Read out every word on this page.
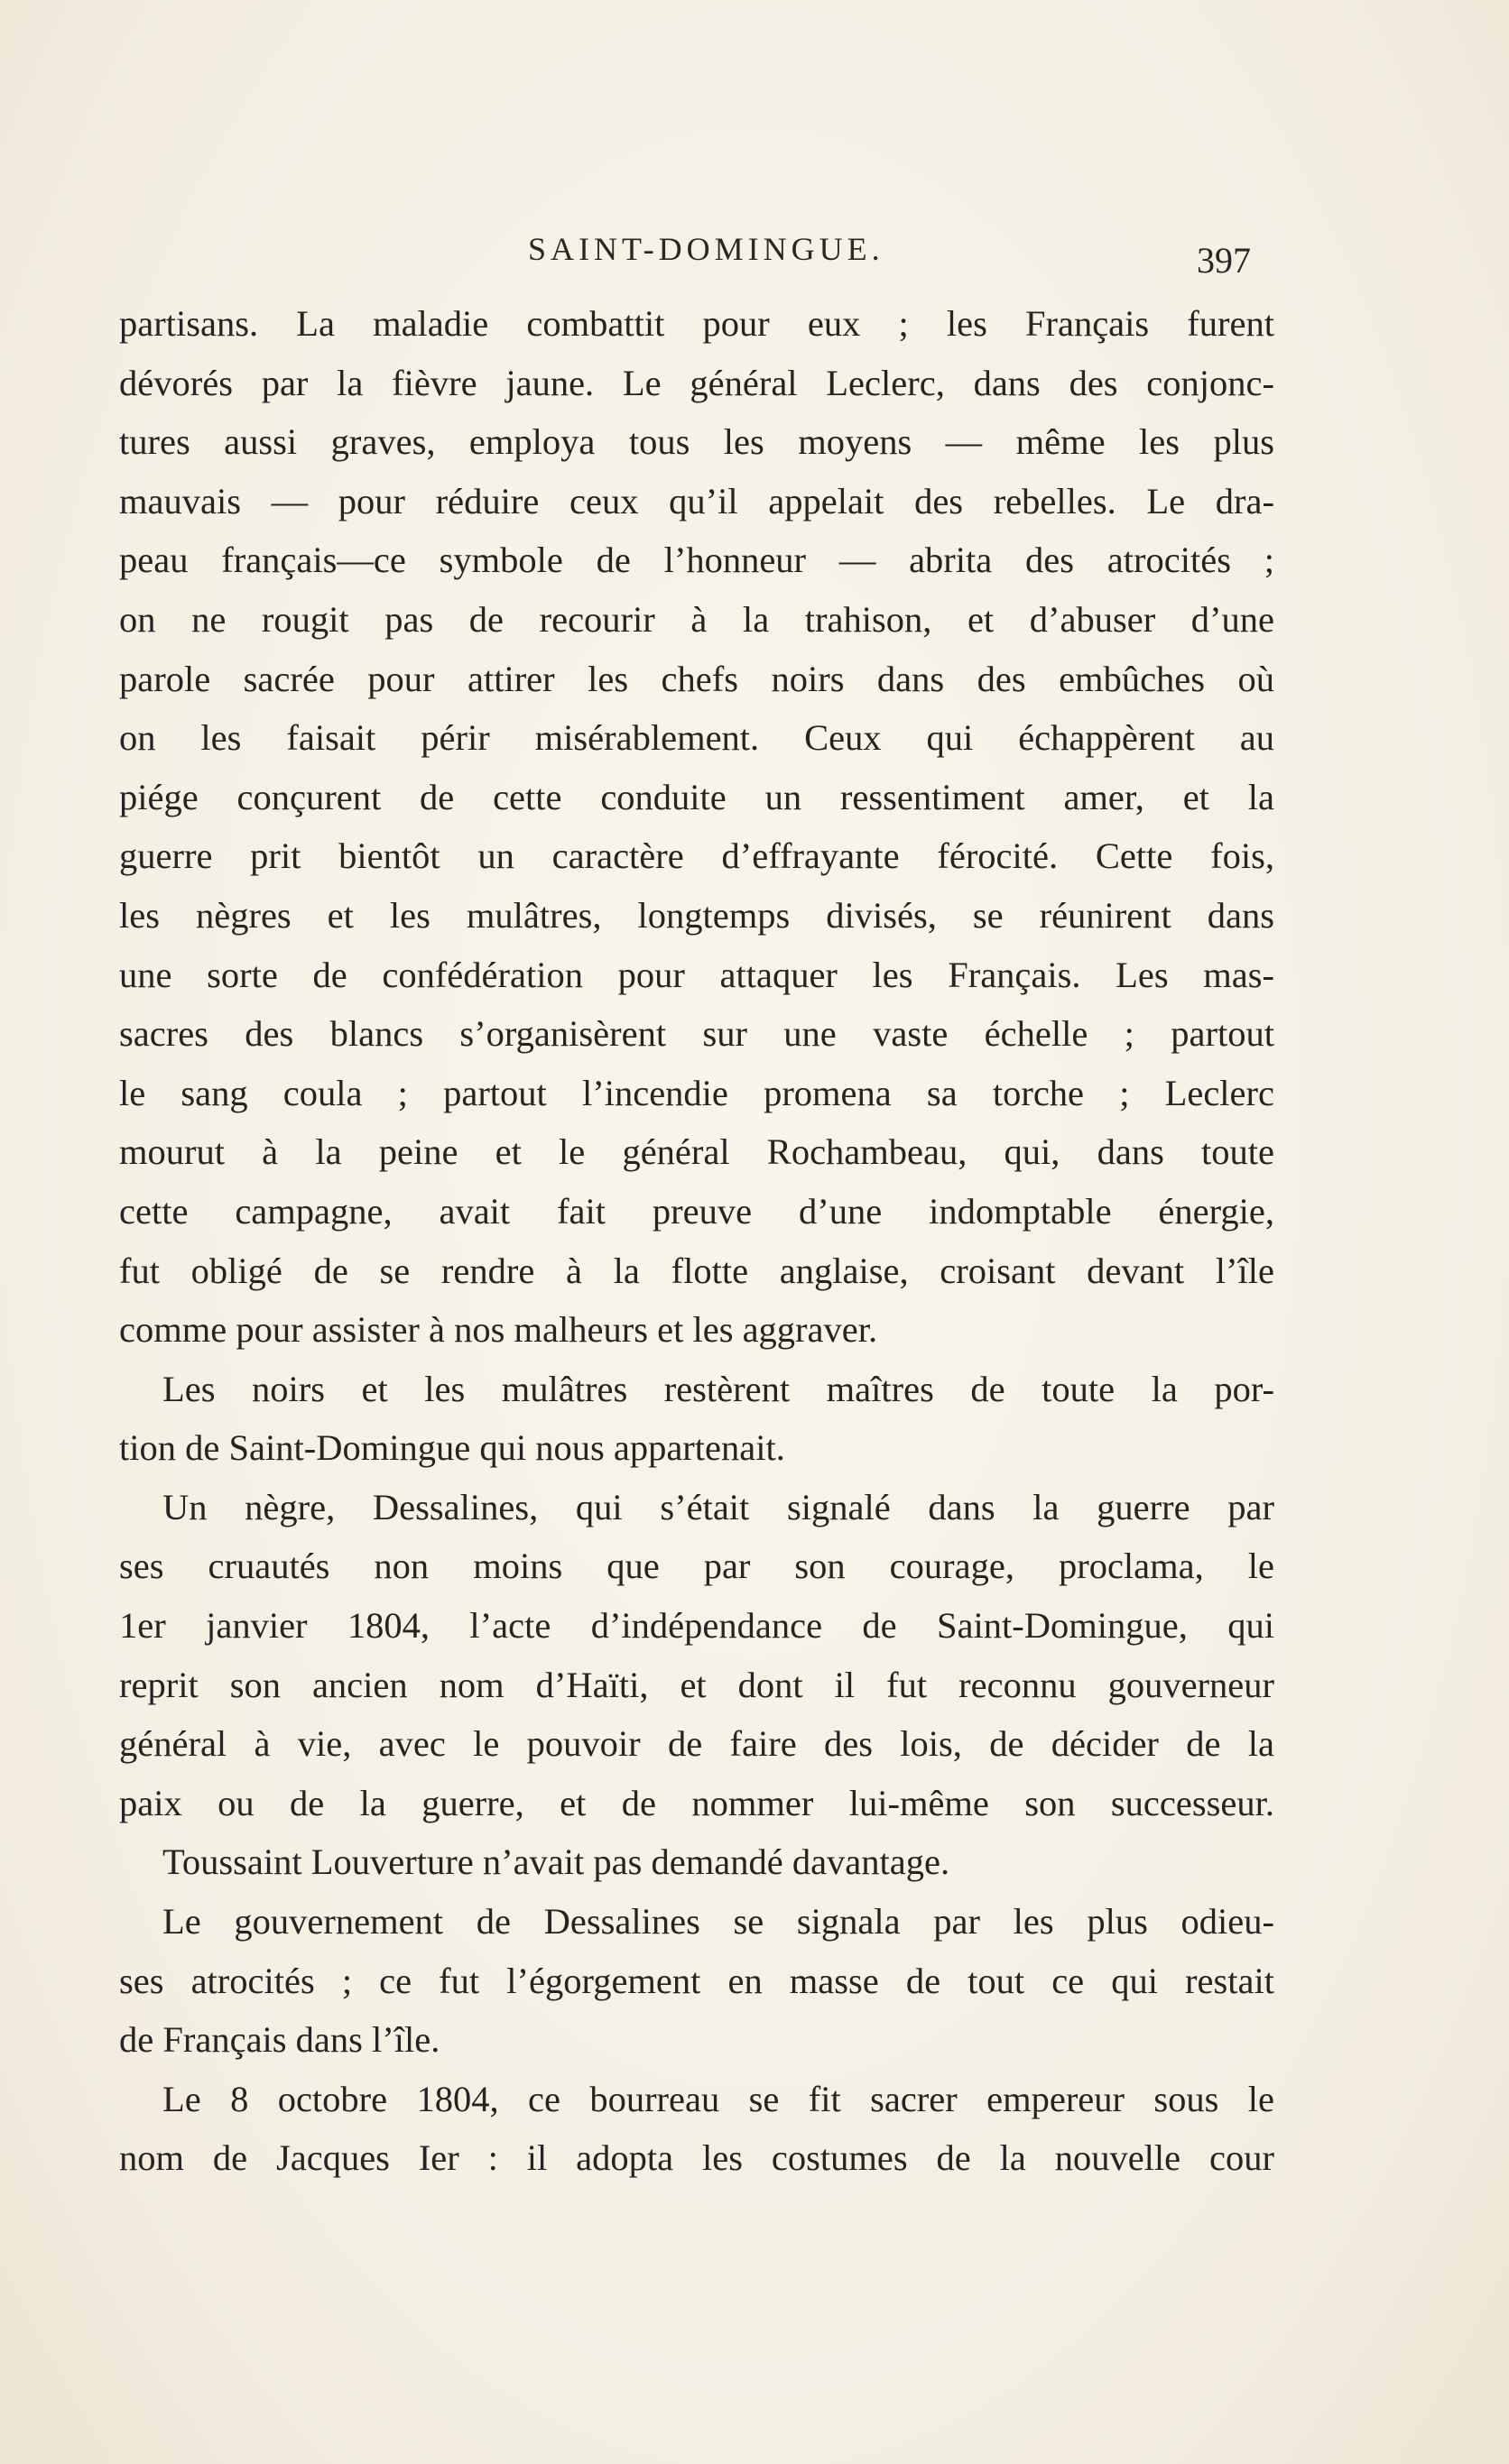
SAINT-DOMINGUE.	397
partisans. La maladie combattit pour eux ; les Français furent
dévorés par la fièvre jaune. Le général Leclerc, dans des conjonc-
tures aussi graves, employa tous les moyens — même les plus
mauvais — pour réduire ceux qu’il appelait des rebelles. Le dra-
peau français—ce symbole de l’honneur — abrita des atrocités ;
on ne rougit pas de recourir à la trahison, et d’abuser d’une
parole sacrée pour attirer les chefs noirs dans des embûches où
on les faisait périr misérablement. Ceux qui échappèrent au
piége conçurent de cette conduite un ressentiment amer, et la
guerre prit bientôt un caractère d’effrayante férocité. Cette fois,
les nègres et les mulâtres, longtemps divisés, se réunirent dans
une sorte de confédération pour attaquer les Français. Les mas-
sacres des blancs s’organisèrent sur une vaste échelle ; partout
le sang coula ; partout l’incendie promena sa torche ; Leclerc
mourut à la peine et le général Rochambeau, qui, dans toute
cette campagne, avait fait preuve d’une indomptable énergie,
fut obligé de se rendre à la flotte anglaise, croisant devant l’île
comme pour assister à nos malheurs et les aggraver.
Les noirs et les mulâtres restèrent maîtres de toute la por-
tion de Saint-Domingue qui nous appartenait.
Un nègre, Dessalines, qui s’était signalé dans la guerre par
ses cruautés non moins que par son courage, proclama, le
1er janvier 1804, l’acte d’indépendance de Saint-Domingue, qui
reprit son ancien nom d’Haïti, et dont il fut reconnu gouverneur
général à vie, avec le pouvoir de faire des lois, de décider de la
paix ou de la guerre, et de nommer lui-même son successeur.
Toussaint Louverture n’avait pas demandé davantage.
Le gouvernement de Dessalines se signala par les plus odieu-
ses atrocités ; ce fut l’égorgement en masse de tout ce qui restait
de Français dans l’île.
Le 8 octobre 1804, ce bourreau se fit sacrer empereur sous le
nom de Jacques Ier : il adopta les costumes de la nouvelle cour
